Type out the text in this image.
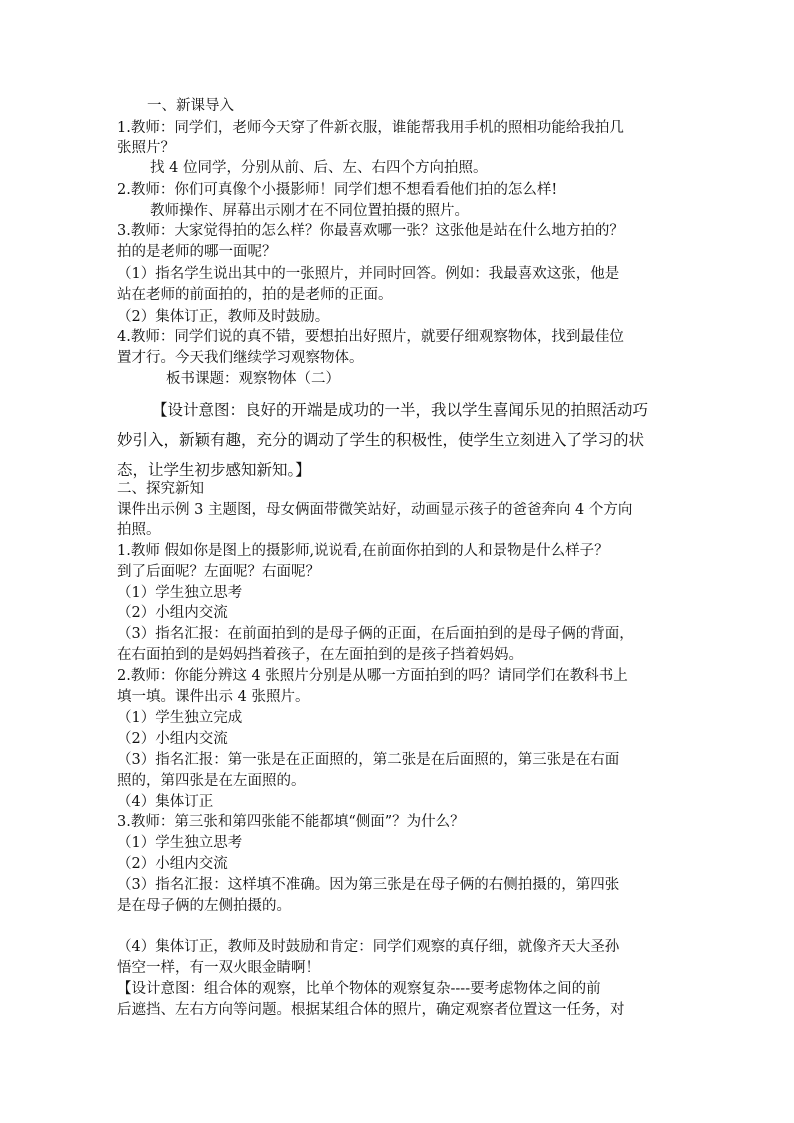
一、新课导入
1.教师：同学们，老师今天穿了件新衣服，谁能帮我用手机的照相功能给我拍几
张照片？
找 4 位同学，分别从前、后、左、右四个方向拍照。
2.教师：你们可真像个小摄影师！同学们想不想看看他们拍的怎么样!
教师操作、屏幕出示刚才在不同位置拍摄的照片。
3.教师：大家觉得拍的怎么样？你最喜欢哪一张？这张他是站在什么地方拍的？
拍的是老师的哪一面呢？
（1）指名学生说出其中的一张照片，并同时回答。例如：我最喜欢这张，他是
站在老师的前面拍的，拍的是老师的正面。
（2）集体订正，教师及时鼓励。
4.教师：同学们说的真不错，要想拍出好照片，就要仔细观察物体，找到最佳位
置才行。今天我们继续学习观察物体。
板书课题：观察物体（二）
【设计意图：良好的开端是成功的一半，我以学生喜闻乐见的拍照活动巧
妙引入，新颖有趣，充分的调动了学生的积极性，使学生立刻进入了学习的状
态，让学生初步感知新知。】
二、探究新知
课件出示例 3 主题图，母女俩面带微笑站好，动画显示孩子的爸爸奔向 4 个方向
拍照。
1.教师 假如你是图上的摄影师,说说看,在前面你拍到的人和景物是什么样子？
到了后面呢？左面呢？右面呢？
（1）学生独立思考
（2）小组内交流
（3）指名汇报：在前面拍到的是母子俩的正面，在后面拍到的是母子俩的背面，
在右面拍到的是妈妈挡着孩子，在左面拍到的是孩子挡着妈妈。
2.教师：你能分辨这 4 张照片分别是从哪一方面拍到的吗？请同学们在教科书上
填一填。课件出示 4 张照片。
（1）学生独立完成
（2）小组内交流
（3）指名汇报：第一张是在正面照的，第二张是在后面照的，第三张是在右面
照的，第四张是在左面照的。
（4）集体订正
3.教师：第三张和第四张能不能都填“侧面”？为什么？
（1）学生独立思考
（2）小组内交流
（3）指名汇报：这样填不准确。因为第三张是在母子俩的右侧拍摄的，第四张
是在母子俩的左侧拍摄的。
（4）集体订正，教师及时鼓励和肯定：同学们观察的真仔细，就像齐天大圣孙
悟空一样，有一双火眼金睛啊！
【设计意图：组合体的观察，比单个物体的观察复杂----要考虑物体之间的前
后遮挡、左右方向等问题。根据某组合体的照片，确定观察者位置这一任务，对
